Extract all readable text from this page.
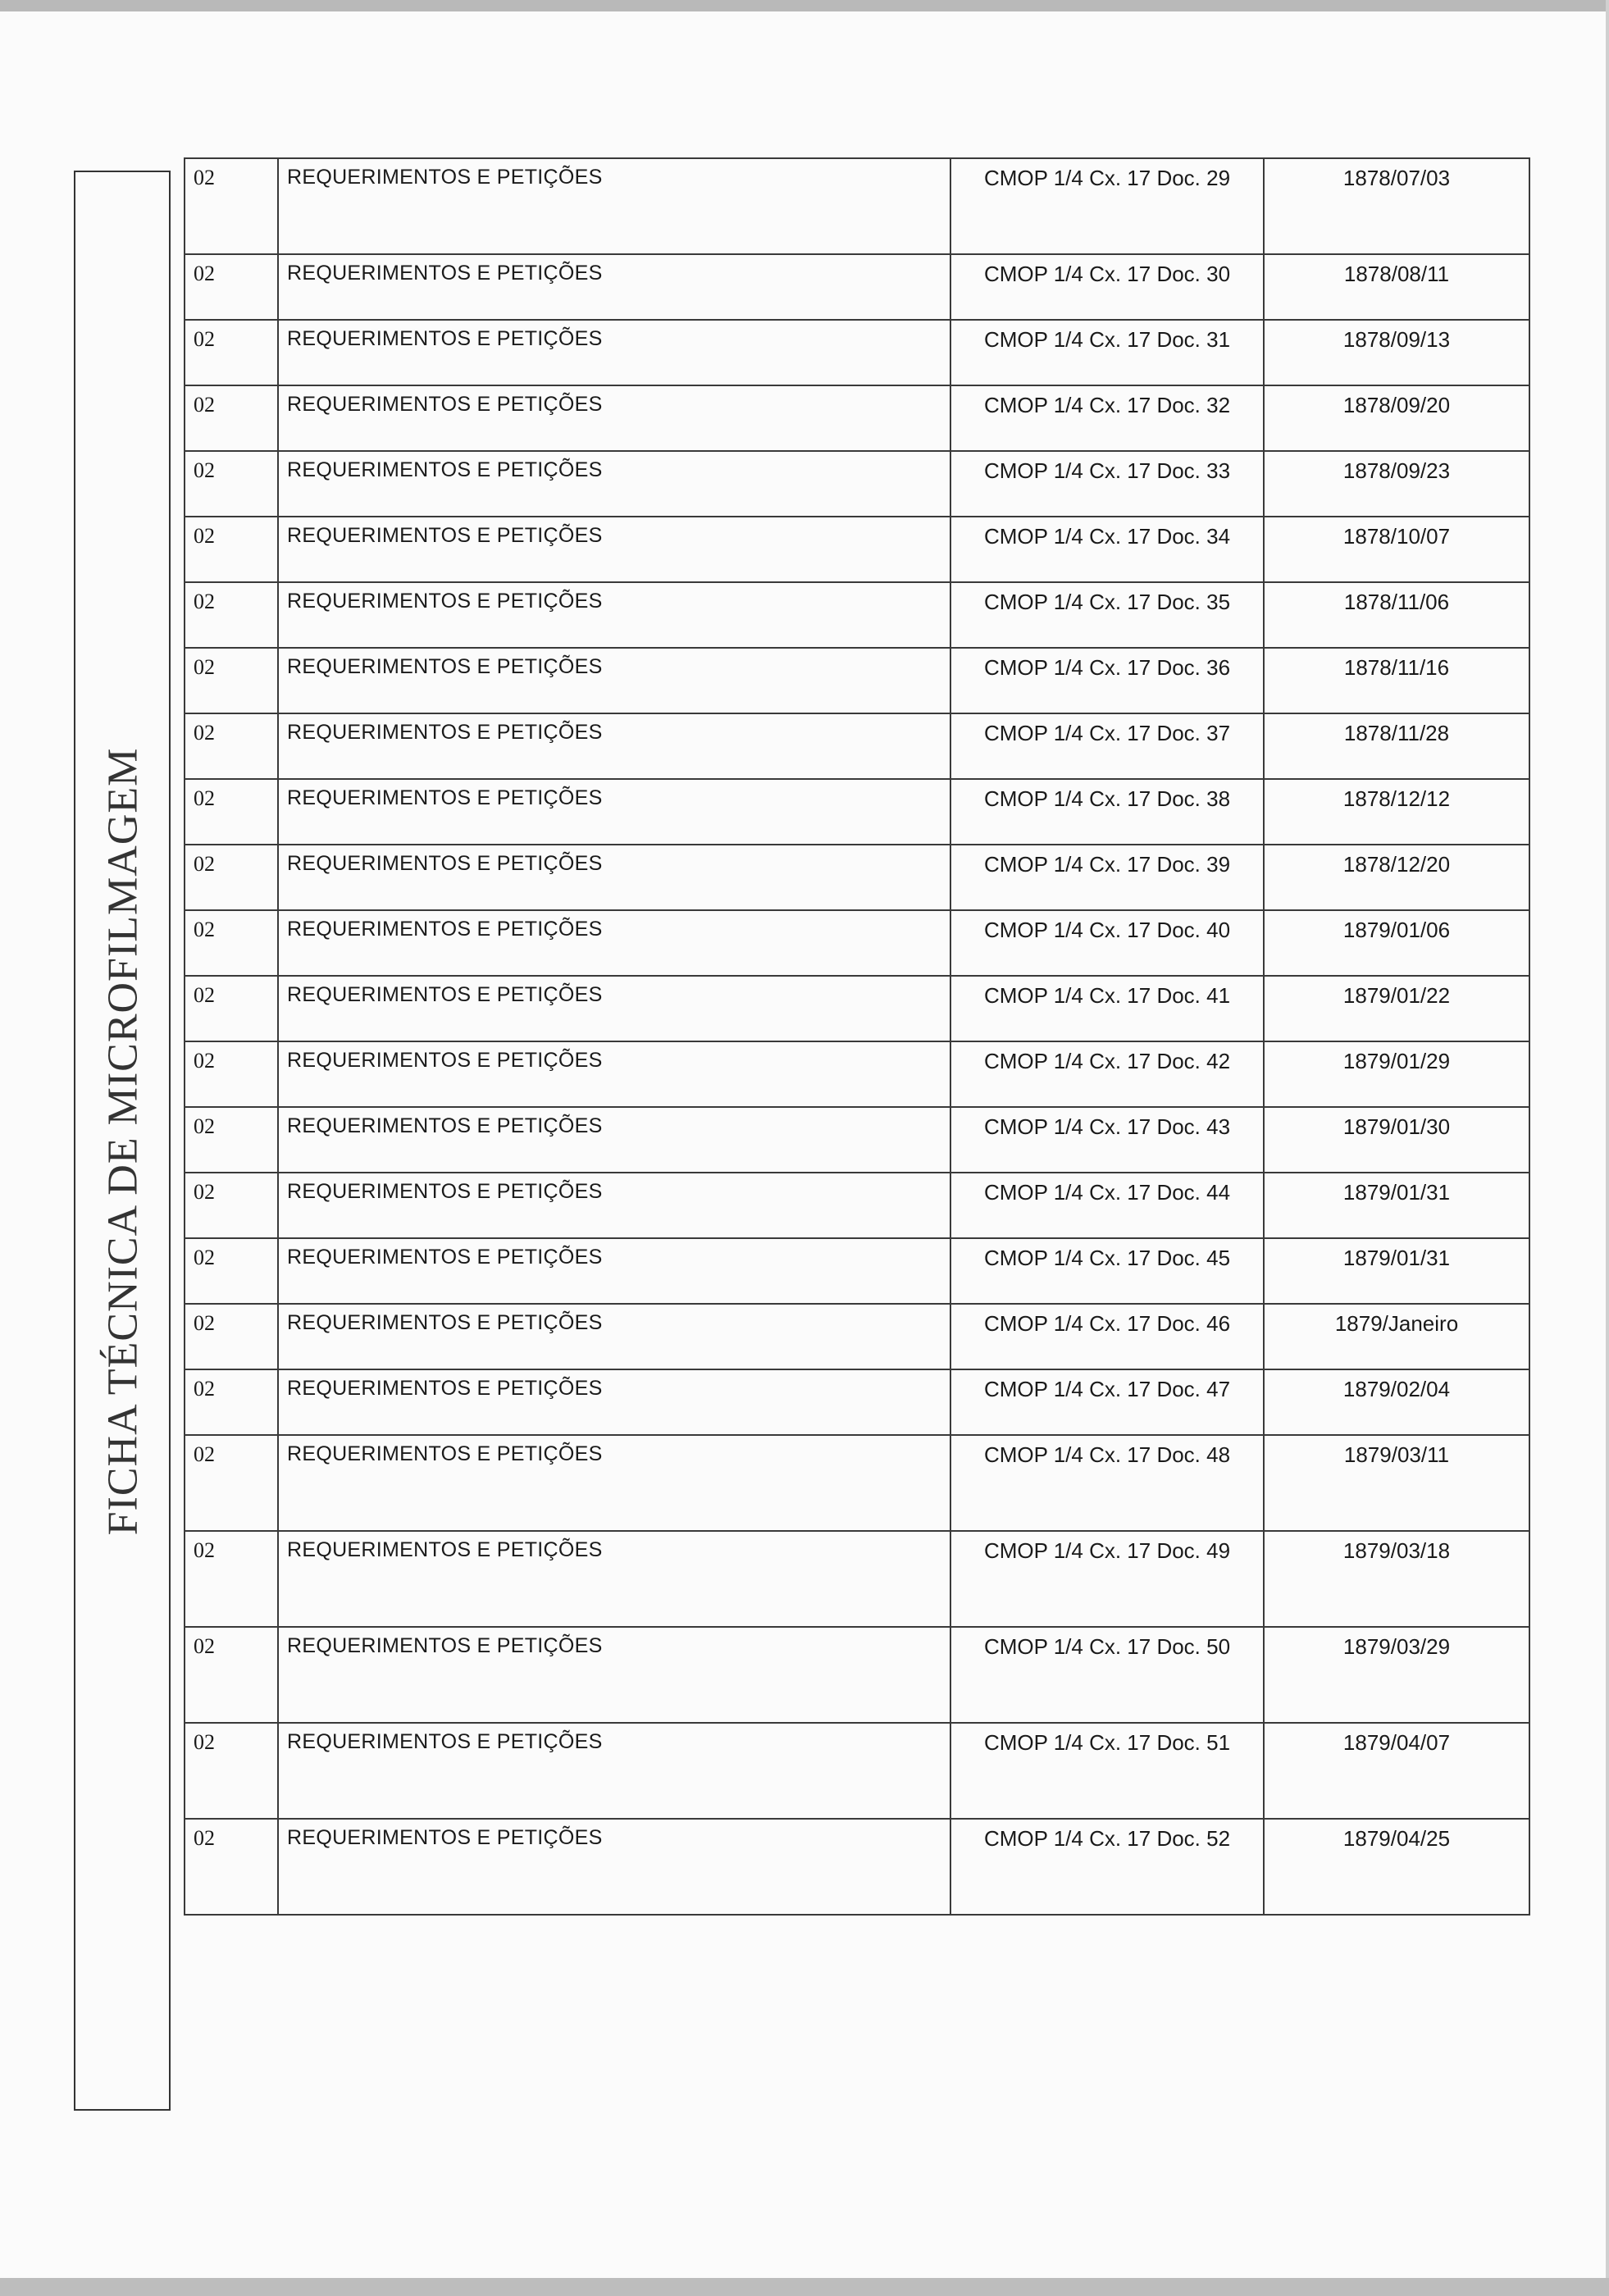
FICHA TÉCNICA DE MICROFILMAGEM
02	REQUERIMENTOS E PETIÇÕES	CMOP 1/4 Cx. 17 Doc. 29	1878/07/03
02	REQUERIMENTOS E PETIÇÕES	CMOP 1/4 Cx. 17 Doc. 30	1878/08/11
02	REQUERIMENTOS E PETIÇÕES	CMOP 1/4 Cx. 17 Doc. 31	1878/09/13
02	REQUERIMENTOS E PETIÇÕES	CMOP 1/4 Cx. 17 Doc. 32	1878/09/20
02	REQUERIMENTOS E PETIÇÕES	CMOP 1/4 Cx. 17 Doc. 33	1878/09/23
02	REQUERIMENTOS E PETIÇÕES	CMOP 1/4 Cx. 17 Doc. 34	1878/10/07
02	REQUERIMENTOS E PETIÇÕES	CMOP 1/4 Cx. 17 Doc. 35	1878/11/06
02	REQUERIMENTOS E PETIÇÕES	CMOP 1/4 Cx. 17 Doc. 36	1878/11/16
02	REQUERIMENTOS E PETIÇÕES	CMOP 1/4 Cx. 17 Doc. 37	1878/11/28
02	REQUERIMENTOS E PETIÇÕES	CMOP 1/4 Cx. 17 Doc. 38	1878/12/12
02	REQUERIMENTOS E PETIÇÕES	CMOP 1/4 Cx. 17 Doc. 39	1878/12/20
02	REQUERIMENTOS E PETIÇÕES	CMOP 1/4 Cx. 17 Doc. 40	1879/01/06
02	REQUERIMENTOS E PETIÇÕES	CMOP 1/4 Cx. 17 Doc. 41	1879/01/22
02	REQUERIMENTOS E PETIÇÕES	CMOP 1/4 Cx. 17 Doc. 42	1879/01/29
02	REQUERIMENTOS E PETIÇÕES	CMOP 1/4 Cx. 17 Doc. 43	1879/01/30
02	REQUERIMENTOS E PETIÇÕES	CMOP 1/4 Cx. 17 Doc. 44	1879/01/31
02	REQUERIMENTOS E PETIÇÕES	CMOP 1/4 Cx. 17 Doc. 45	1879/01/31
02	REQUERIMENTOS E PETIÇÕES	CMOP 1/4 Cx. 17 Doc. 46	1879/Janeiro
02	REQUERIMENTOS E PETIÇÕES	CMOP 1/4 Cx. 17 Doc. 47	1879/02/04
02	REQUERIMENTOS E PETIÇÕES	CMOP 1/4 Cx. 17 Doc. 48	1879/03/11
02	REQUERIMENTOS E PETIÇÕES	CMOP 1/4 Cx. 17 Doc. 49	1879/03/18
02	REQUERIMENTOS E PETIÇÕES	CMOP 1/4 Cx. 17 Doc. 50	1879/03/29
02	REQUERIMENTOS E PETIÇÕES	CMOP 1/4 Cx. 17 Doc. 51	1879/04/07
02	REQUERIMENTOS E PETIÇÕES	CMOP 1/4 Cx. 17 Doc. 52	1879/04/25
